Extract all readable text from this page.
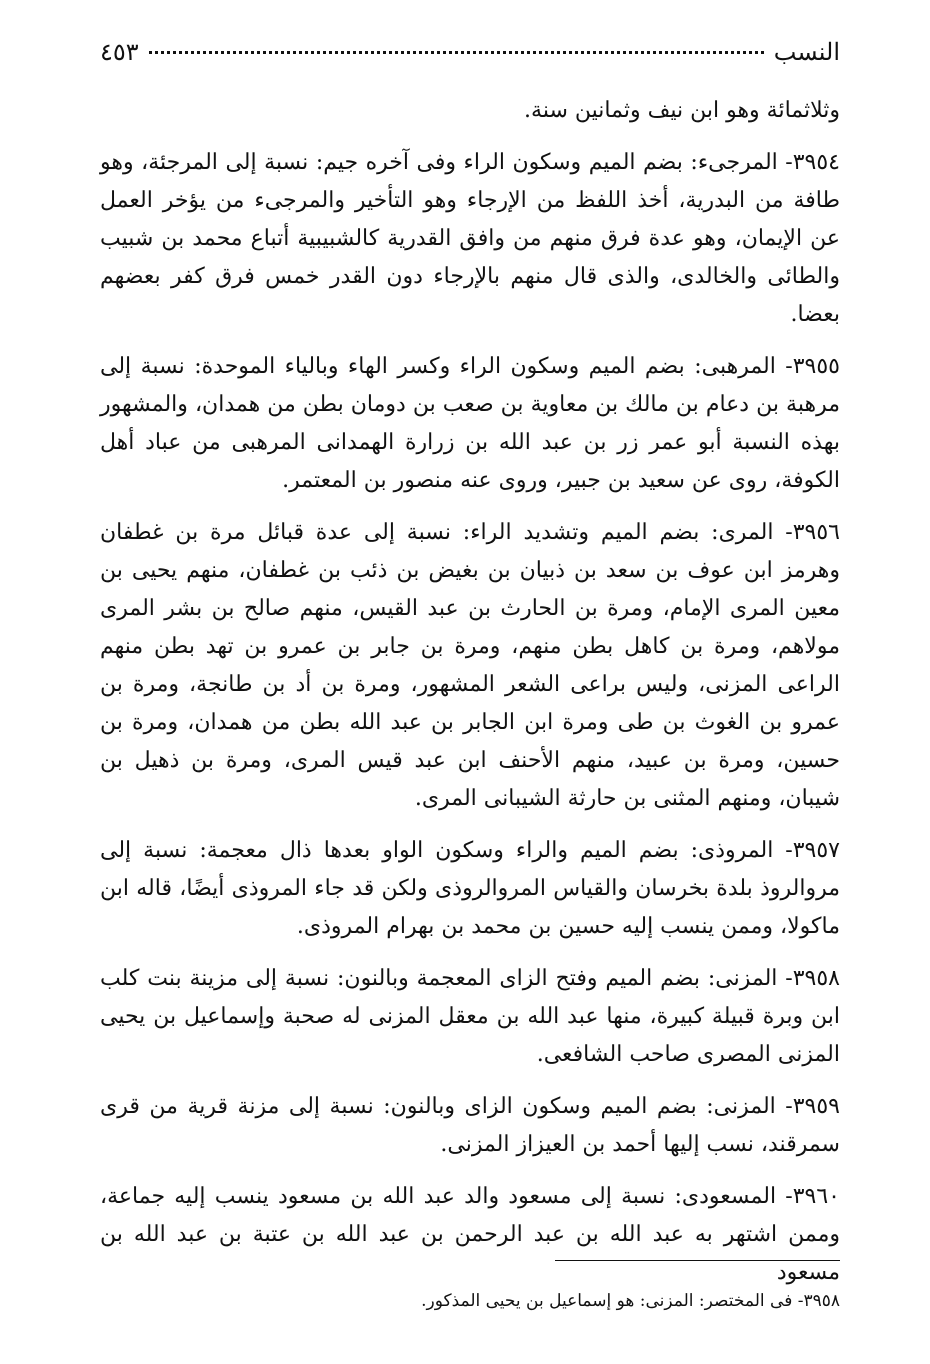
النسب
٤٥٣

وثلاثمائة وهو ابن نيف وثمانين سنة.

٣٩٥٤- المرجىء: بضم الميم وسكون الراء وفى آخره جيم: نسبة إلى المرجئة، وهو طافة من البدرية، أخذ اللفظ من الإرجاء وهو التأخير والمرجىء من يؤخر العمل عن الإيمان، وهو عدة فرق منهم من وافق القدرية كالشبيبية أتباع محمد بن شبيب والطائى والخالدى، والذى قال منهم بالإرجاء دون القدر خمس فرق كفر بعضهم بعضا.

٣٩٥٥- المرهبى: بضم الميم وسكون الراء وكسر الهاء وبالياء الموحدة: نسبة إلى مرهبة بن دعام بن مالك بن معاوية بن صعب بن دومان بطن من همدان، والمشهور بهذه النسبة أبو عمر زر بن عبد الله بن زرارة الهمدانى المرهبى من عباد أهل الكوفة، روى عن سعيد بن جبير، وروى عنه منصور بن المعتمر.

٣٩٥٦- المرى: بضم الميم وتشديد الراء: نسبة إلى عدة قبائل مرة بن غطفان وهرمز ابن عوف بن سعد بن ذبيان بن بغيض بن ذئب بن غطفان، منهم يحيى بن معين المرى الإمام، ومرة بن الحارث بن عبد القيس، منهم صالح بن بشر المرى مولاهم، ومرة بن كاهل بطن منهم، ومرة بن جابر بن عمرو بن تهد بطن منهم الراعى المزنى، وليس براعى الشعر المشهور، ومرة بن أد بن طانجة، ومرة بن عمرو بن الغوث بن طى ومرة ابن الجابر بن عبد الله بطن من همدان، ومرة بن حسين، ومرة بن عبيد، منهم الأحنف ابن عبد قيس المرى، ومرة بن ذهيل بن شيبان، ومنهم المثنى بن حارثة الشيبانى المرى.

٣٩٥٧- المروذى: بضم الميم والراء وسكون الواو بعدها ذال معجمة: نسبة إلى مروالروذ بلدة بخرسان والقياس المروالروذى ولكن قد جاء المروذى أيضًا، قاله ابن ماكولا، وممن ينسب إليه حسين بن محمد بن بهرام المروذى.

٣٩٥٨- المزنى: بضم الميم وفتح الزاى المعجمة وبالنون: نسبة إلى مزينة بنت كلب ابن وبرة قبيلة كبيرة، منها عبد الله بن معقل المزنى له صحبة وإسماعيل بن يحيى المزنى المصرى صاحب الشافعى.

٣٩٥٩- المزنى: بضم الميم وسكون الزاى وبالنون: نسبة إلى مزنة قرية من قرى سمرقند، نسب إليها أحمد بن العيزاز المزنى.

٣٩٦٠- المسعودى: نسبة إلى مسعود والد عبد الله بن مسعود ينسب إليه جماعة، وممن اشتهر به عبد الله بن عبد الرحمن بن عبد الله بن عتبة بن عبد الله بن مسعود

٣٩٥٨- فى المختصر: المزنى: هو إسماعيل بن يحيى المذكور.
